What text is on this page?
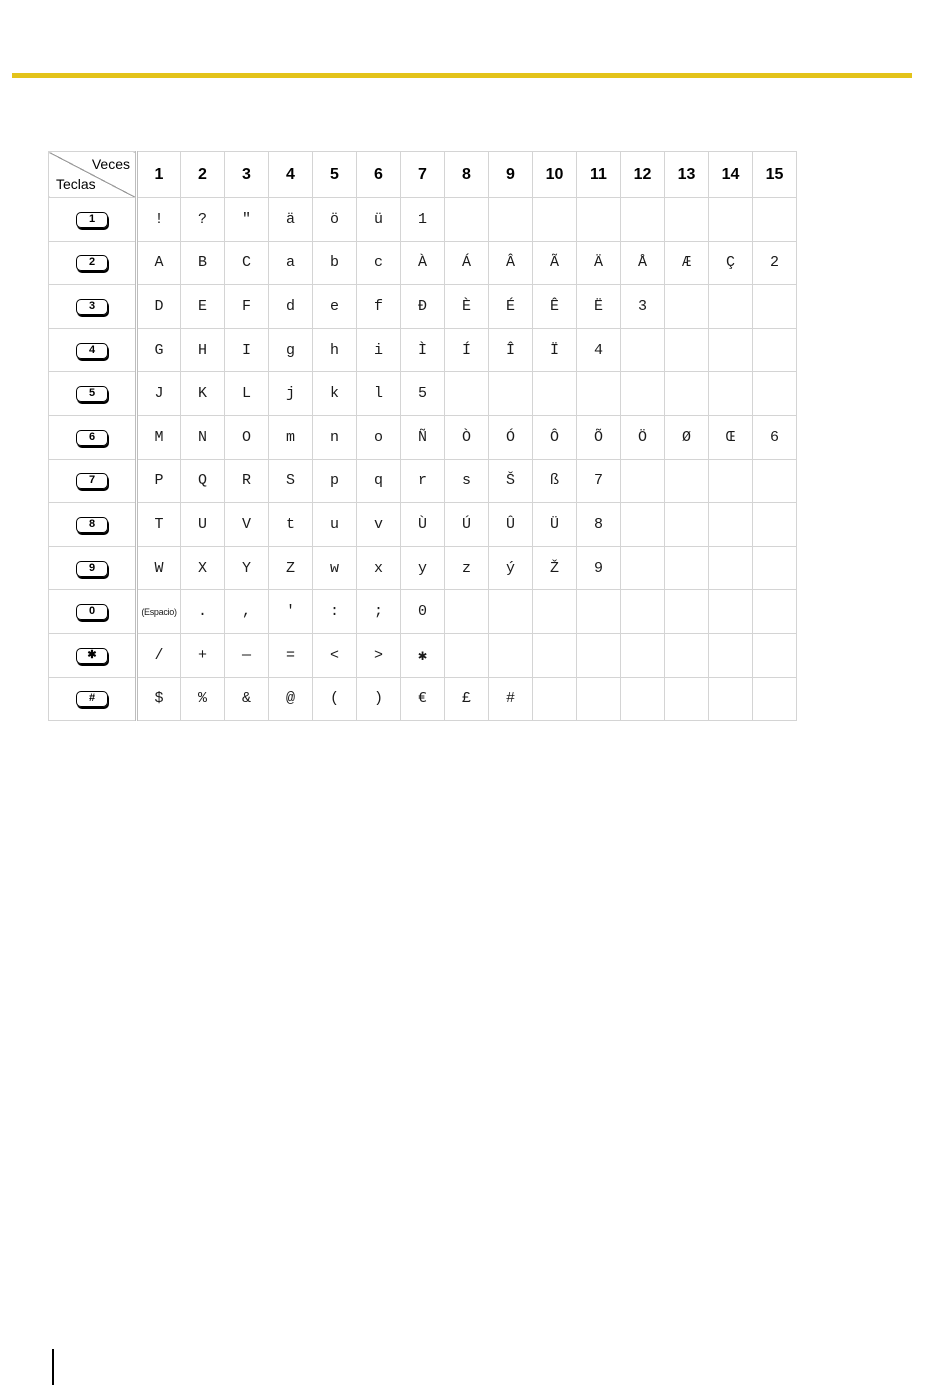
Veces
Teclas	1	2	3	4	5	6	7	8	9	10	11	12	13	14	15
1	!	?	"	ä	ö	ü	1								
2	A	B	C	a	b	c	À	Á	Â	Ã	Ä	Å	Æ	Ç	2
3	D	E	F	d	e	f	Đ	È	É	Ê	Ë	3			
4	G	H	I	g	h	i	Ì	Í	Î	Ï	4				
5	J	K	L	j	k	l	5								
6	M	N	O	m	n	o	Ñ	Ò	Ó	Ô	Õ	Ö	Ø	Œ	6
7	P	Q	R	S	p	q	r	s	Š	ß	7				
8	T	U	V	t	u	v	Ù	Ú	Û	Ü	8				
9	W	X	Y	Z	w	x	y	z	ý	Ž	9				
0	(Espacio)	.	,	'	:	;	0								
✱	/	+	—	=	<	>	✱								
#	$	%	&	@	(	)	€	£	#						
